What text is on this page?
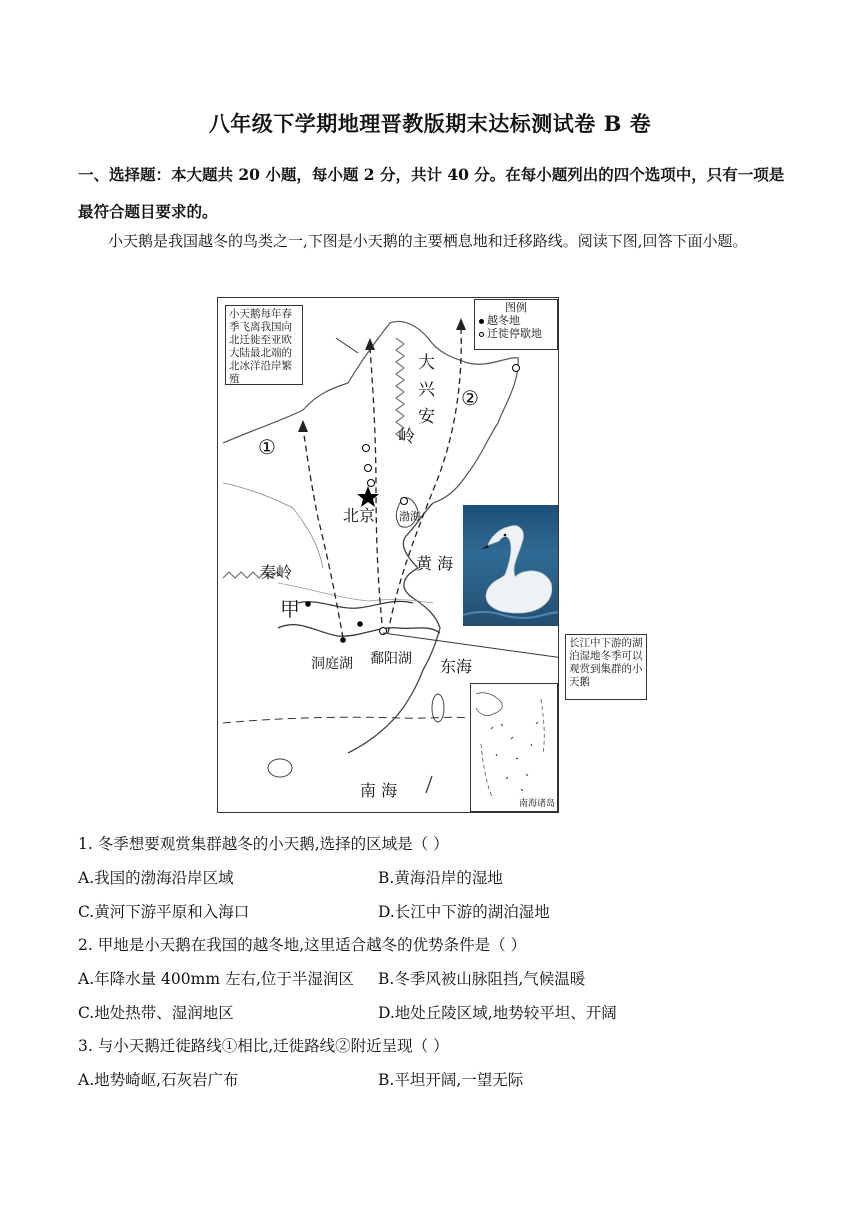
八年级下学期地理晋教版期末达标测试卷 B 卷
一、选择题：本大题共 20 小题，每小题 2 分，共计 40 分。在每小题列出的四个选项中，只有一项是最符合题目要求的。
小天鹅是我国越冬的鸟类之一,下图是小天鹅的主要栖息地和迁移路线。阅读下图,回答下面小题。
①
②
大
兴
安
岭
北京 渤海
黄 海
秦岭
甲
洞庭湖 鄱阳湖 东海
南 海
小天鹅每年春季飞离我国向北迁徙至亚欧大陆最北端的北冰洋沿岸繁殖
长江中下游的湖泊湿地冬季可以观赏到集群的小天鹅
图例
越冬地
迁徙停歇地
南海诸岛
1. 冬季想要观赏集群越冬的小天鹅,选择的区域是（ ）
A.我国的渤海沿岸区域	B.黄海沿岸的湿地
C.黄河下游平原和入海口	D.长江中下游的湖泊湿地
2. 甲地是小天鹅在我国的越冬地,这里适合越冬的优势条件是（ ）
A.年降水量 400mm 左右,位于半湿润区 B.冬季风被山脉阻挡,气候温暖
C.地处热带、湿润地区	D.地处丘陵区域,地势较平坦、开阔
3. 与小天鹅迁徙路线①相比,迁徙路线②附近呈现（ ）
A.地势崎岖,石灰岩广布	B.平坦开阔,一望无际
